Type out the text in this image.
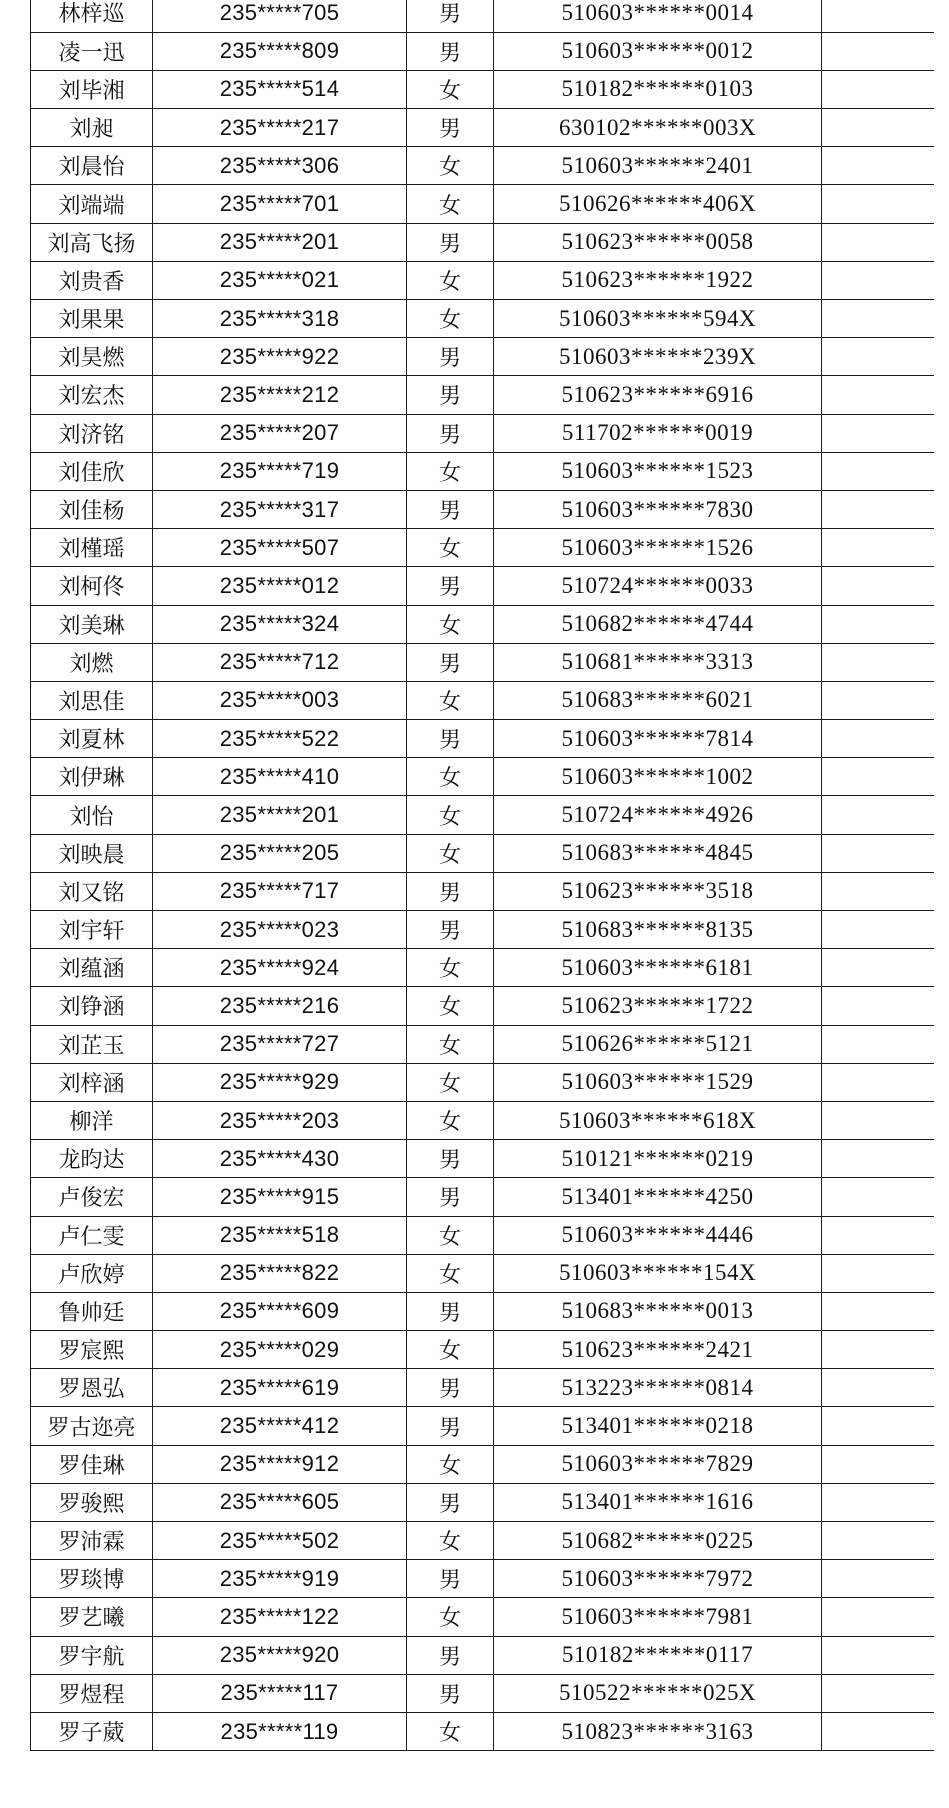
林梓巡	235*****705	男	510603******0014	
凌一迅	235*****809	男	510603******0012	
刘毕湘	235*****514	女	510182******0103	
刘昶	235*****217	男	630102******003X	
刘晨怡	235*****306	女	510603******2401	
刘端端	235*****701	女	510626******406X	
刘高飞扬	235*****201	男	510623******0058	
刘贵香	235*****021	女	510623******1922	
刘果果	235*****318	女	510603******594X	
刘昊燃	235*****922	男	510603******239X	
刘宏杰	235*****212	男	510623******6916	
刘济铭	235*****207	男	511702******0019	
刘佳欣	235*****719	女	510603******1523	
刘佳杨	235*****317	男	510603******7830	
刘槿瑶	235*****507	女	510603******1526	
刘柯佟	235*****012	男	510724******0033	
刘美琳	235*****324	女	510682******4744	
刘燃	235*****712	男	510681******3313	
刘思佳	235*****003	女	510683******6021	
刘夏林	235*****522	男	510603******7814	
刘伊琳	235*****410	女	510603******1002	
刘怡	235*****201	女	510724******4926	
刘映晨	235*****205	女	510683******4845	
刘又铭	235*****717	男	510623******3518	
刘宇轩	235*****023	男	510683******8135	
刘蕴涵	235*****924	女	510603******6181	
刘铮涵	235*****216	女	510623******1722	
刘芷玉	235*****727	女	510626******5121	
刘梓涵	235*****929	女	510603******1529	
柳洋	235*****203	女	510603******618X	
龙昀达	235*****430	男	510121******0219	
卢俊宏	235*****915	男	513401******4250	
卢仁雯	235*****518	女	510603******4446	
卢欣婷	235*****822	女	510603******154X	
鲁帅廷	235*****609	男	510683******0013	
罗宸熙	235*****029	女	510623******2421	
罗恩弘	235*****619	男	513223******0814	
罗古迩亮	235*****412	男	513401******0218	
罗佳琳	235*****912	女	510603******7829	
罗骏熙	235*****605	男	513401******1616	
罗沛霖	235*****502	女	510682******0225	
罗琰博	235*****919	男	510603******7972	
罗艺曦	235*****122	女	510603******7981	
罗宇航	235*****920	男	510182******0117	
罗煜程	235*****117	男	510522******025X	
罗子葳	235*****119	女	510823******3163	
